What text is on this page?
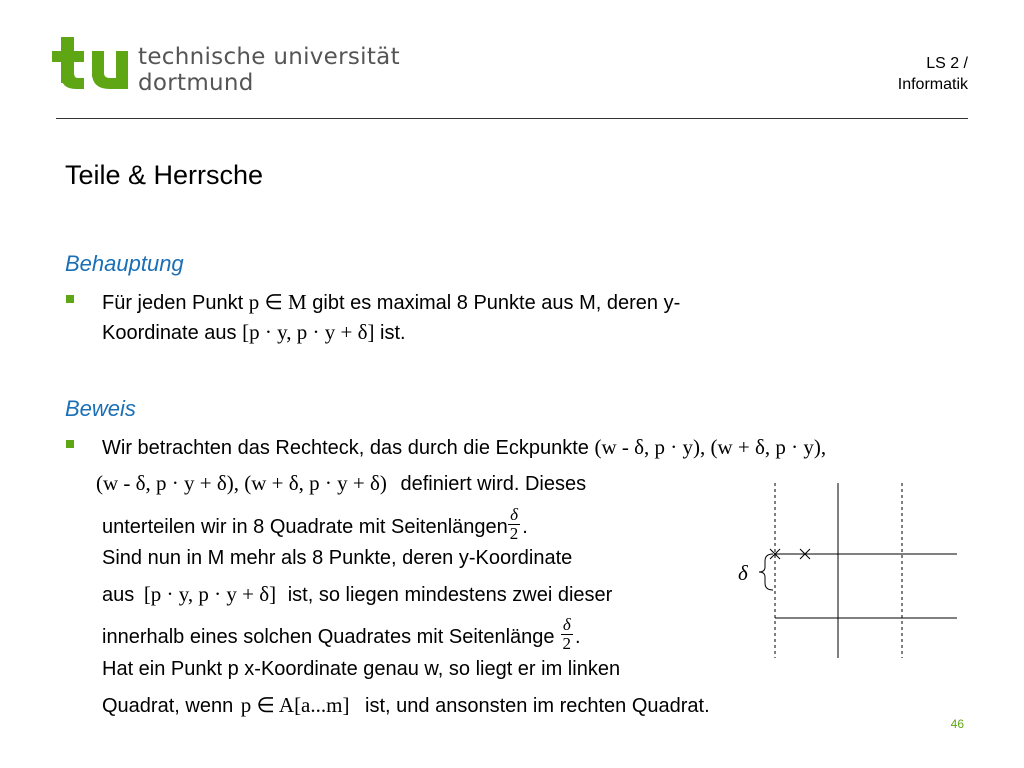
technische universität
dortmund
LS 2 /
Informatik
Teile & Herrsche
Behauptung
Für jeden Punkt p ∈ M gibt es maximal 8 Punkte aus M, deren y-
Koordinate aus [p · y, p · y + δ] ist.
Beweis
Wir betrachten das Rechteck, das durch die Eckpunkte (w - δ, p · y), (w + δ, p · y),
(w - δ, p · y + δ), (w + δ, p · y + δ) definiert wird. Dieses
unterteilen wir in 8 Quadrate mit Seitenlängen $\frac{\delta}{2}$ .
Sind nun in M mehr als 8 Punkte, deren y-Koordinate
aus [p · y, p · y + δ] ist, so liegen mindestens zwei dieser
innerhalb eines solchen Quadrates mit Seitenlänge $\frac{\delta}{2}$ .
Hat ein Punkt p x-Koordinate genau w, so liegt er im linken
Quadrat, wenn p ∈ A[a...m] ist, und ansonsten im rechten Quadrat.
δ
46
